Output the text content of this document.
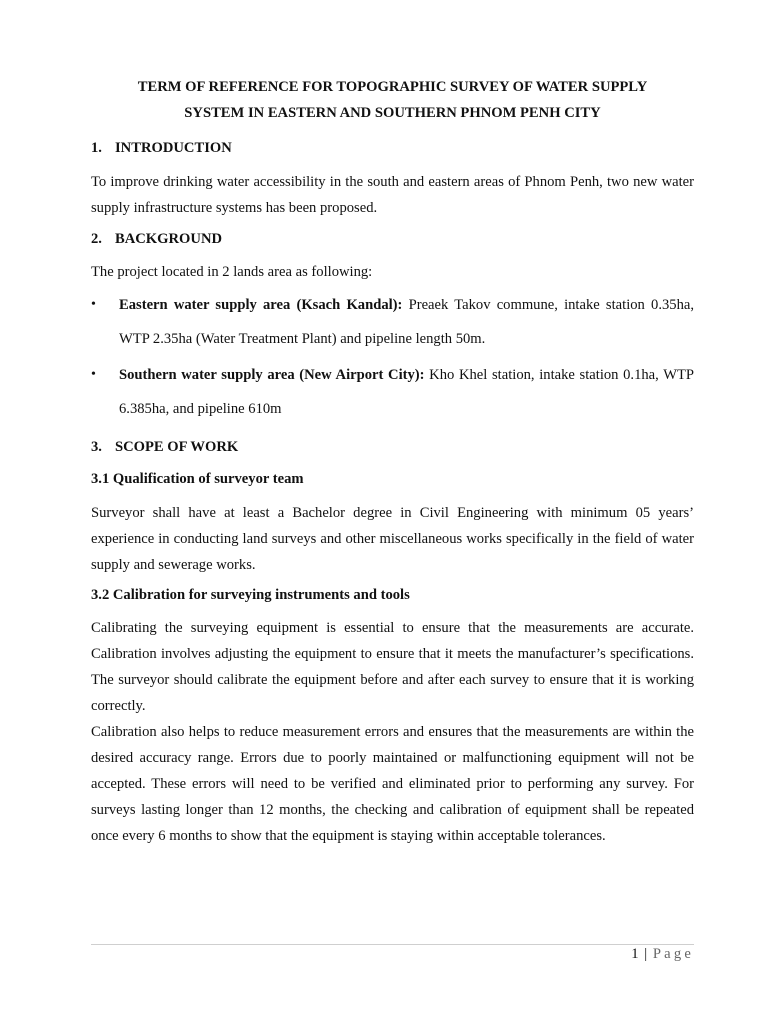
TERM OF REFERENCE FOR TOPOGRAPHIC SURVEY OF WATER SUPPLY
SYSTEM IN EASTERN AND SOUTHERN PHNOM PENH CITY
1. INTRODUCTION
To improve drinking water accessibility in the south and eastern areas of Phnom Penh, two new water supply infrastructure systems has been proposed.
2. BACKGROUND
The project located in 2 lands area as following:
• Eastern water supply area (Ksach Kandal): Preaek Takov commune, intake station 0.35ha, WTP 2.35ha (Water Treatment Plant) and pipeline length 50m.
• Southern water supply area (New Airport City): Kho Khel station, intake station 0.1ha, WTP 6.385ha, and pipeline 610m
3. SCOPE OF WORK
3.1 Qualification of surveyor team
Surveyor shall have at least a Bachelor degree in Civil Engineering with minimum 05 years’ experience in conducting land surveys and other miscellaneous works specifically in the field of water supply and sewerage works.
3.2 Calibration for surveying instruments and tools
Calibrating the surveying equipment is essential to ensure that the measurements are accurate. Calibration involves adjusting the equipment to ensure that it meets the manufacturer’s specifications. The surveyor should calibrate the equipment before and after each survey to ensure that it is working correctly.
Calibration also helps to reduce measurement errors and ensures that the measurements are within the desired accuracy range. Errors due to poorly maintained or malfunctioning equipment will not be accepted. These errors will need to be verified and eliminated prior to performing any survey. For surveys lasting longer than 12 months, the checking and calibration of equipment shall be repeated once every 6 months to show that the equipment is staying within acceptable tolerances.
1 | Page
